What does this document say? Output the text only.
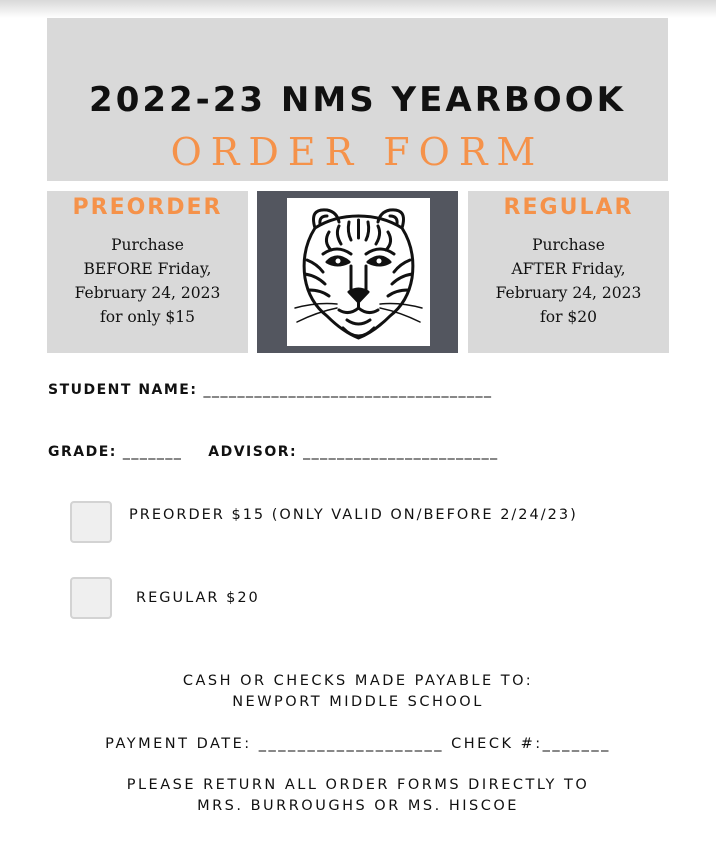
2022-23 NMS YEARBOOK
ORDER FORM
PREORDER
Purchase
BEFORE Friday,
February 24, 2023
for only $15
REGULAR
Purchase
AFTER Friday,
February 24, 2023
for $20
STUDENT NAME: __________________________________
GRADE: _______ ADVISOR: _______________________
PREORDER $15 (ONLY VALID ON/BEFORE 2/24/23)
REGULAR $20
CASH OR CHECKS MADE PAYABLE TO:
NEWPORT MIDDLE SCHOOL
PAYMENT DATE: ___________________ CHECK #:_______
PLEASE RETURN ALL ORDER FORMS DIRECTLY TO
MRS. BURROUGHS OR MS. HISCOE
